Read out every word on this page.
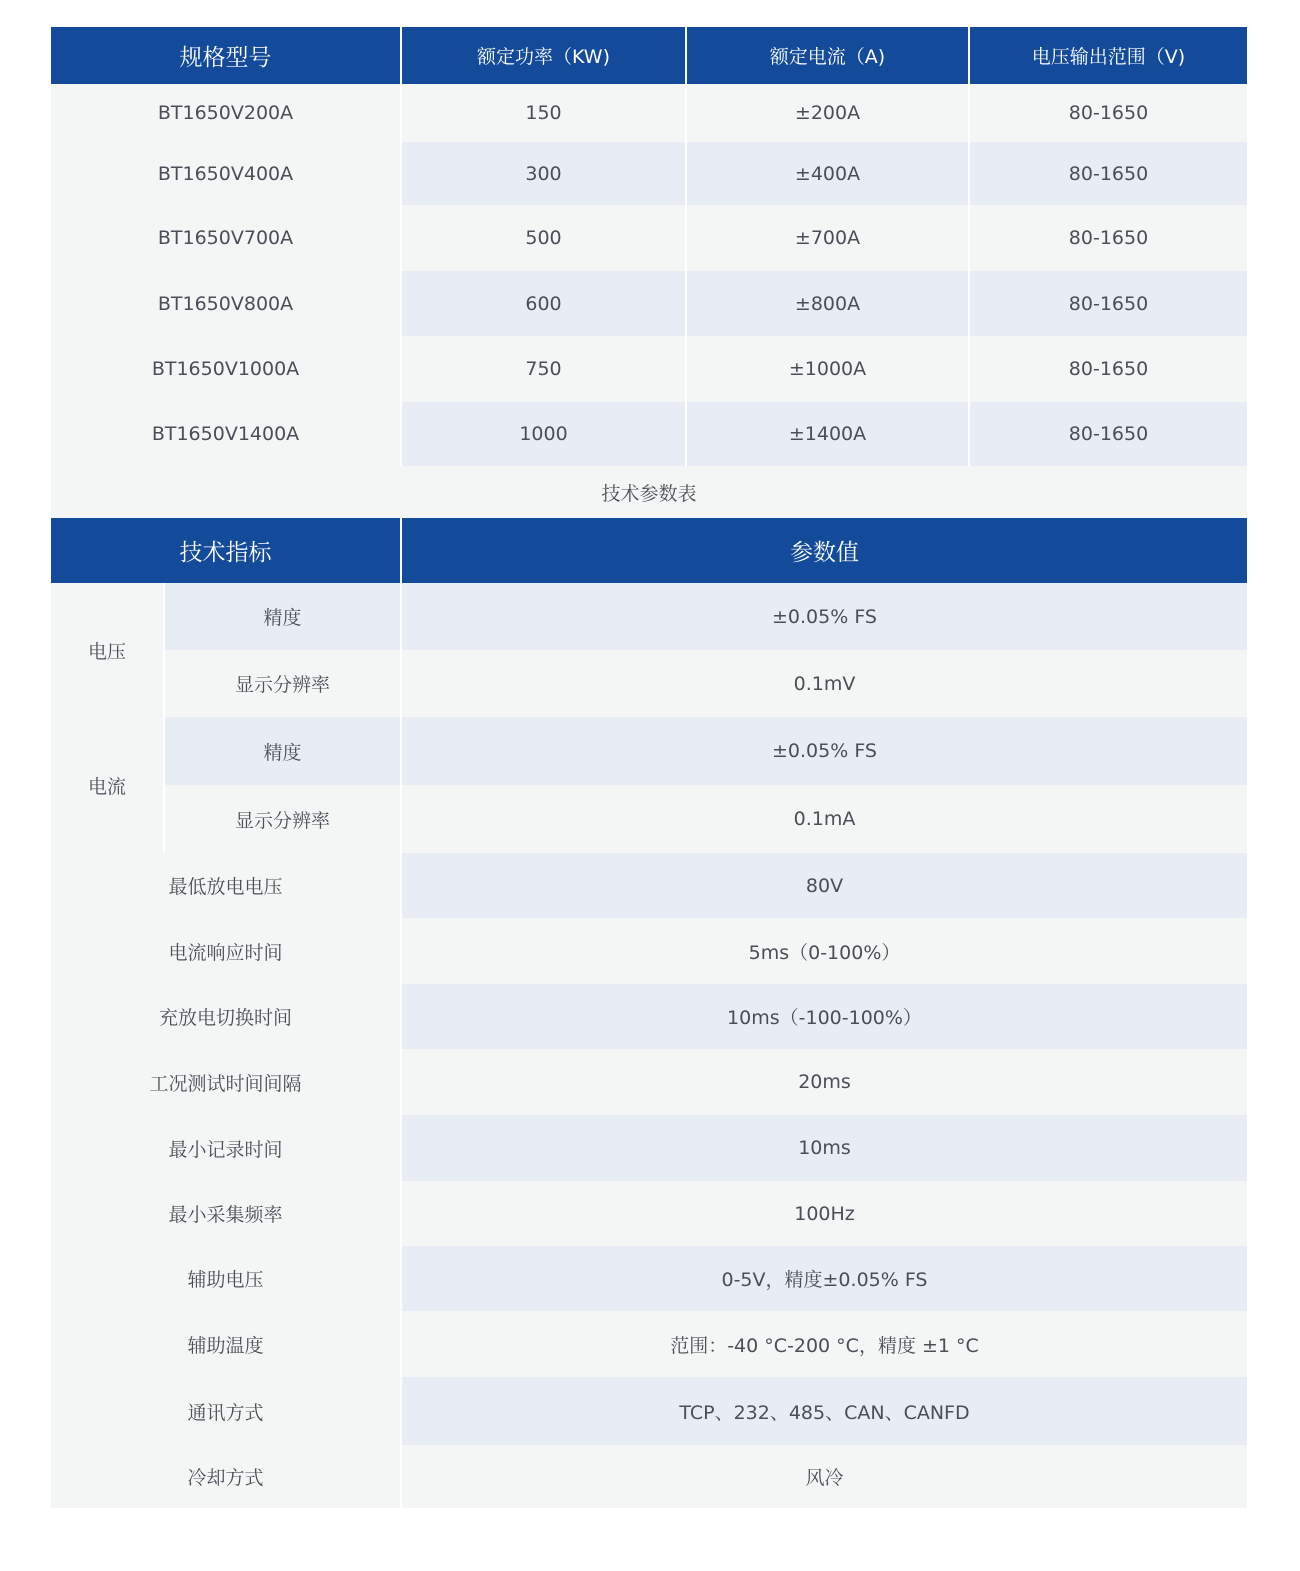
规格型号	额定功率（KW)	额定电流（A)	电压输出范围（V)
BT1650V200A	150	±200A	80-1650
BT1650V400A	300	±400A	80-1650
BT1650V700A	500	±700A	80-1650
BT1650V800A	600	±800A	80-1650
BT1650V1000A	750	±1000A	80-1650
BT1650V1400A	1000	±1400A	80-1650
技术参数表
技术指标	参数值
电压
精度	±0.05% FS
显示分辨率	0.1mV
电流
精度	±0.05% FS
显示分辨率	0.1mA
最低放电电压	80V
电流响应时间	5ms（0-100%）
充放电切换时间	10ms（-100-100%）
工况测试时间间隔	20ms
最小记录时间	10ms
最小采集频率	100Hz
辅助电压	0-5V，精度±0.05% FS
辅助温度	范围：-40 °C-200 °C，精度 ±1 °C
通讯方式	TCP、232、485、CAN、CANFD
冷却方式	风冷
